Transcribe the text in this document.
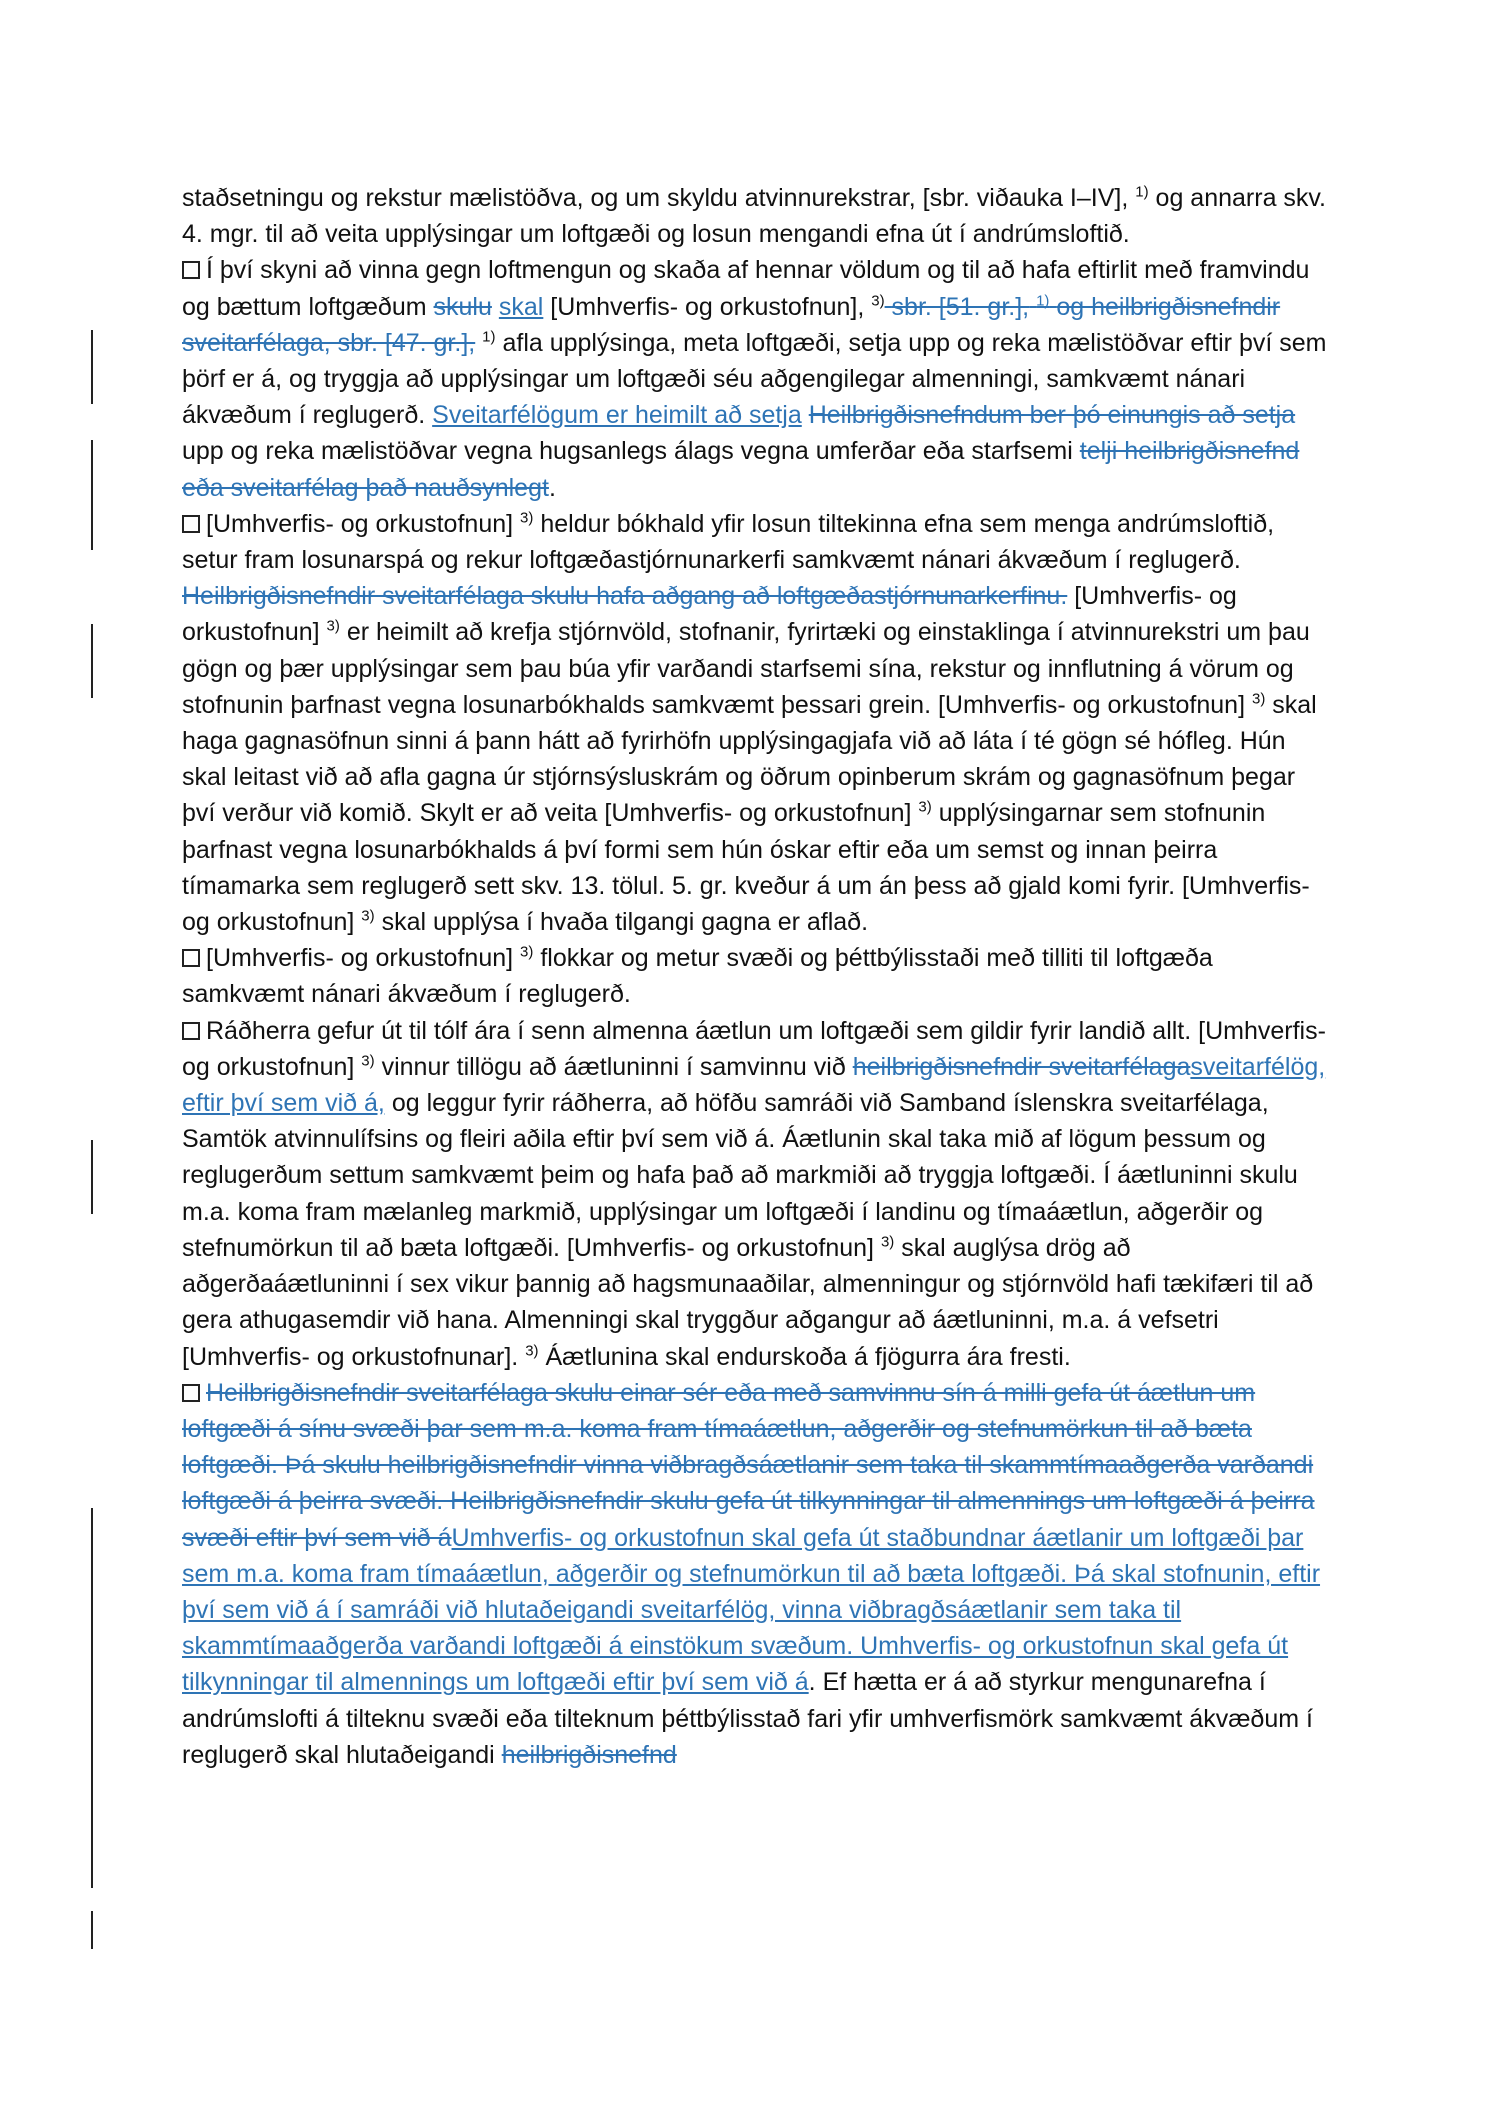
staðsetningu og rekstur mælistöðva, og um skyldu atvinnurekstrar, [sbr. viðauka I–IV], $^{1)}$ og annarra skv. 4. mgr. til að veita upplýsingar um loftgæði og losun mengandi efna út í andrúmsloftið.

Í því skyni að vinna gegn loftmengun og skaða af hennar völdum og til að hafa eftirlit með framvindu og bættum loftgæðum skulu skal [Umhverfis- og orkustofnun], $^{3)}$ sbr. [51. gr.], $^{1)}$ og heilbrigðisnefndir sveitarfélaga, sbr. [47. gr.], $^{1)}$ afla upplýsinga, meta loftgæði, setja upp og reka mælistöðvar eftir því sem þörf er á, og tryggja að upplýsingar um loftgæði séu aðgengilegar almenningi, samkvæmt nánari ákvæðum í reglugerð. Sveitarfélögum er heimilt að setja Heilbrigðisnefndum ber þó einungis að setja upp og reka mælistöðvar vegna hugsanlegs álags vegna umferðar eða starfsemi telji heilbrigðisnefnd eða sveitarfélag það nauðsynlegt.

[Umhverfis- og orkustofnun] $^{3)}$ heldur bókhald yfir losun tiltekinna efna sem menga andrúmsloftið, setur fram losunarspá og rekur loftgæðastjórnunarkerfi samkvæmt nánari ákvæðum í reglugerð. Heilbrigðisnefndir sveitarfélaga skulu hafa aðgang að loftgæðastjórnunarkerfinu. [Umhverfis- og orkustofnun] $^{3)}$ er heimilt að krefja stjórnvöld, stofnanir, fyrirtæki og einstaklinga í atvinnurekstri um þau gögn og þær upplýsingar sem þau búa yfir varðandi starfsemi sína, rekstur og innflutning á vörum og stofnunin þarfnast vegna losunarbókhalds samkvæmt þessari grein. [Umhverfis- og orkustofnun] $^{3)}$ skal haga gagnasöfnun sinni á þann hátt að fyrirhöfn upplýsingagjafa við að láta í té gögn sé hófleg. Hún skal leitast við að afla gagna úr stjórnsýsluskrám og öðrum opinberum skrám og gagnasöfnum þegar því verður við komið. Skylt er að veita [Umhverfis- og orkustofnun] $^{3)}$ upplýsingarnar sem stofnunin þarfnast vegna losunarbókhalds á því formi sem hún óskar eftir eða um semst og innan þeirra tímamarka sem reglugerð sett skv. 13. tölul. 5. gr. kveður á um án þess að gjald komi fyrir. [Umhverfis- og orkustofnun] $^{3)}$ skal upplýsa í hvaða tilgangi gagna er aflað.

[Umhverfis- og orkustofnun] $^{3)}$ flokkar og metur svæði og þéttbýlisstaði með tilliti til loftgæða samkvæmt nánari ákvæðum í reglugerð.

Ráðherra gefur út til tólf ára í senn almenna áætlun um loftgæði sem gildir fyrir landið allt. [Umhverfis- og orkustofnun] $^{3)}$ vinnur tillögu að áætluninni í samvinnu við heilbrigðisnefndir sveitarfélagasveitarfélög, eftir því sem við á, og leggur fyrir ráðherra, að höfðu samráði við Samband íslenskra sveitarfélaga, Samtök atvinnulífsins og fleiri aðila eftir því sem við á. Áætlunin skal taka mið af lögum þessum og reglugerðum settum samkvæmt þeim og hafa það að markmiði að tryggja loftgæði. Í áætluninni skulu m.a. koma fram mælanleg markmið, upplýsingar um loftgæði í landinu og tímaáætlun, aðgerðir og stefnumörkun til að bæta loftgæði. [Umhverfis- og orkustofnun] $^{3)}$ skal auglýsa drög að aðgerðaáætluninni í sex vikur þannig að hagsmunaaðilar, almenningur og stjórnvöld hafi tækifæri til að gera athugasemdir við hana. Almenningi skal tryggður aðgangur að áætluninni, m.a. á vefsetri [Umhverfis- og orkustofnunar]. $^{3)}$ Áætlunina skal endurskoða á fjögurra ára fresti.

Heilbrigðisnefndir sveitarfélaga skulu einar sér eða með samvinnu sín á milli gefa út áætlun um loftgæði á sínu svæði þar sem m.a. koma fram tímaáætlun, aðgerðir og stefnumörkun til að bæta loftgæði. Þá skulu heilbrigðisnefndir vinna viðbragðsáætlanir sem taka til skammtímaaðgerða varðandi loftgæði á þeirra svæði. Heilbrigðisnefndir skulu gefa út tilkynningar til almennings um loftgæði á þeirra svæði eftir því sem við áUmhverfis- og orkustofnun skal gefa út staðbundnar áætlanir um loftgæði þar sem m.a. koma fram tímaáætlun, aðgerðir og stefnumörkun til að bæta loftgæði. Þá skal stofnunin, eftir því sem við á í samráði við hlutaðeigandi sveitarfélög, vinna viðbragðsáætlanir sem taka til skammtímaaðgerða varðandi loftgæði á einstökum svæðum. Umhverfis- og orkustofnun skal gefa út tilkynningar til almennings um loftgæði eftir því sem við á. Ef hætta er á að styrkur mengunarefna í andrúmslofti á tilteknu svæði eða tilteknum þéttbýlisstað fari yfir umhverfismörk samkvæmt ákvæðum í reglugerð skal hlutaðeigandi heilbrigðisnefnd
